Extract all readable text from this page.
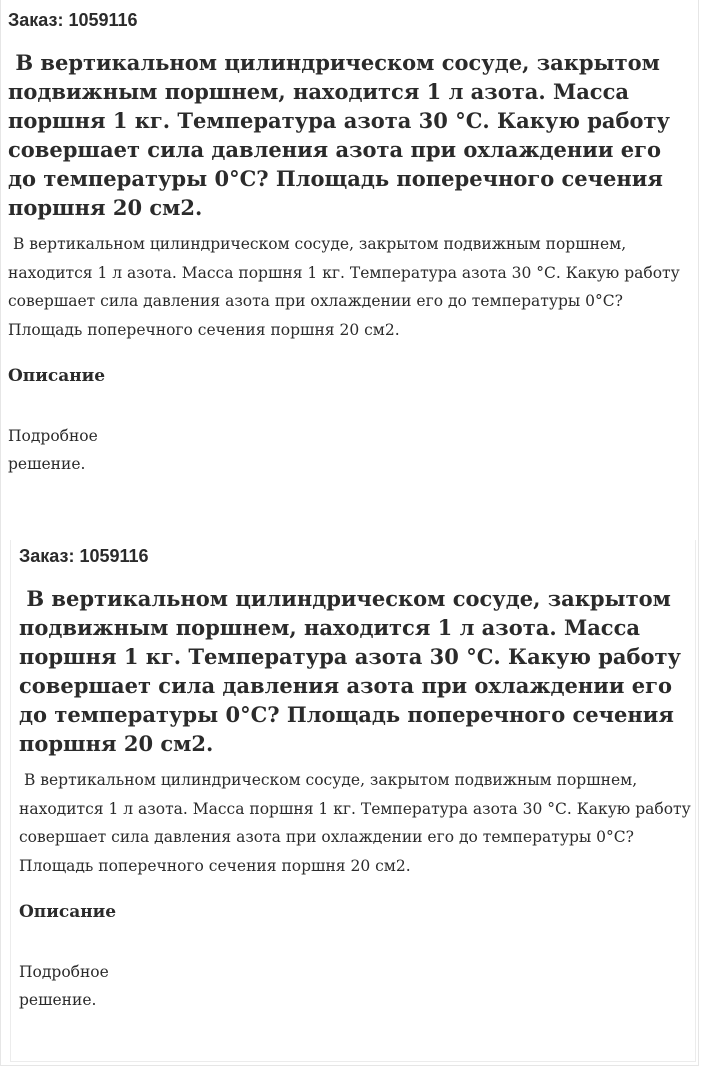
Заказ: 1059116
В вертикальном цилиндрическом сосуде, закрытом подвижным поршнем, находится 1 л азота. Масса поршня 1 кг. Температура азота 30 °С. Какую работу совершает сила давления азота при охлаждении его до температуры 0°С? Площадь поперечного сечения поршня 20 см2.

В вертикальном цилиндрическом сосуде, закрытом подвижным поршнем, находится 1 л азота. Масса поршня 1 кг. Температура азота 30 °С. Какую работу совершает сила давления азота при охлаждении его до температуры 0°С? Площадь поперечного сечения поршня 20 см2.

Описание
Подробное решение.
Заказ: 1059116
В вертикальном цилиндрическом сосуде, закрытом подвижным поршнем, находится 1 л азота. Масса поршня 1 кг. Температура азота 30 °С. Какую работу совершает сила давления азота при охлаждении его до температуры 0°С? Площадь поперечного сечения поршня 20 см2.

В вертикальном цилиндрическом сосуде, закрытом подвижным поршнем, находится 1 л азота. Масса поршня 1 кг. Температура азота 30 °С. Какую работу совершает сила давления азота при охлаждении его до температуры 0°С? Площадь поперечного сечения поршня 20 см2.

Описание
Подробное решение.
